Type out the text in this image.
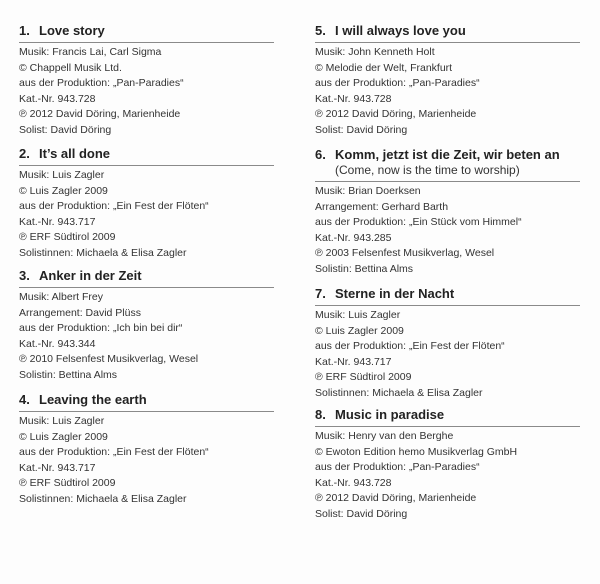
1. Love story
Musik: Francis Lai, Carl Sigma
© Chappell Musik Ltd.
aus der Produktion: „Pan-Paradies“
Kat.-Nr. 943.728
℗ 2012 David Döring, Marienheide
Solist: David Döring
2. It’s all done
Musik: Luis Zagler
© Luis Zagler 2009
aus der Produktion: „Ein Fest der Flöten“
Kat.-Nr. 943.717
℗ ERF Südtirol 2009
Solistinnen: Michaela & Elisa Zagler
3. Anker in der Zeit
Musik: Albert Frey
Arrangement: David Plüss
aus der Produktion: „Ich bin bei dir“
Kat.-Nr. 943.344
℗ 2010 Felsenfest Musikverlag, Wesel
Solistin: Bettina Alms
4. Leaving the earth
Musik: Luis Zagler
© Luis Zagler 2009
aus der Produktion: „Ein Fest der Flöten“
Kat.-Nr. 943.717
℗ ERF Südtirol 2009
Solistinnen: Michaela & Elisa Zagler
5. I will always love you
Musik: John Kenneth Holt
© Melodie der Welt, Frankfurt
aus der Produktion: „Pan-Paradies“
Kat.-Nr. 943.728
℗ 2012 David Döring, Marienheide
Solist: David Döring
6. Komm, jetzt ist die Zeit, wir beten an
(Come, now is the time to worship)
Musik: Brian Doerksen
Arrangement: Gerhard Barth
aus der Produktion: „Ein Stück vom Himmel“
Kat.-Nr. 943.285
℗ 2003 Felsenfest Musikverlag, Wesel
Solistin: Bettina Alms
7. Sterne in der Nacht
Musik: Luis Zagler
© Luis Zagler 2009
aus der Produktion: „Ein Fest der Flöten“
Kat.-Nr. 943.717
℗ ERF Südtirol 2009
Solistinnen: Michaela & Elisa Zagler
8. Music in paradise
Musik: Henry van den Berghe
© Ewoton Edition hemo Musikverlag GmbH
aus der Produktion: „Pan-Paradies“
Kat.-Nr. 943.728
℗ 2012 David Döring, Marienheide
Solist: David Döring
